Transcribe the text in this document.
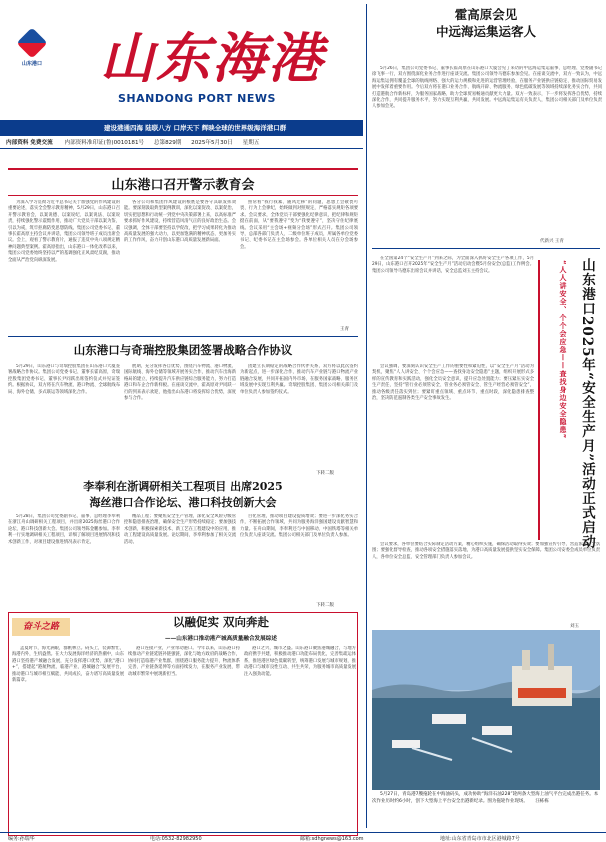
山东港口 山东海港
SHANDONG PORT NEWS
建设港通四海 陆联八方 口岸天下 辉映全球的世界级海洋港口群
内部资料 免费交流 内部资料准印证(鲁)0010181号 总第829期 2025年5月30日 星期五
霍高原会见
中远海运集运客人
5月26日，集团公司党委书记、董事长霍高原在山东港口大厦会见了来访的中远海运集运董事、总经理、党委副书记徐飞事一行，双方围绕深化业务合作进行座谈交流。集团公司领导马德东参加会见。在座谈交流中，双方一致认为，中远海运集运拥有覆盖全球的航线网络、强大的运力规模和先进的运营管理经验，在服务产业链供应链稳定、推动国际贸易发展中发挥着重要作用。今后双方将在港口业务合作、航线开辟、物流服务、绿色低碳发展等领域持续深化务实合作，共同打造港航合作新标杆，为服务国家战略、助力全球贸易畅通贡献更大力量。双方一致表示，下一步将发挥各自优势，持续深化合作，共同提升服务水平，努力实现互利共赢、共同发展。中远海运集运有关负责人，集团公司相关部门及单位负责人参加会见。
代新兴 王青
山东港口召开警示教育会
为深入学习贯彻习近平总书记关于加强党的作风建设的重要论述，落实全会警示教育精神，5月29日，山东港口召开警示教育会，以案说德、以案说纪、以案说法、以案说责，持续强化警示震慑作用，推动广大党员干部以案为鉴、引以为戒，筑牢拒腐防变思想防线。集团公司党委书记、董事长霍高原主持会议并讲话，集团公司领导班子成员出席会议。会上，观看了警示教育片，通报了违反中央八项规定精神问题典型案例。霍高原指出，山东港口一体化改革以来，集团公司党委始终坚持以严的基调强化正风肃纪反腐，推动全面从严治党向纵深发展。
各分公司和集团作风建设的根底是要各守其职发挥效能。要深刻汲取典型案例教训，深化以案促改、以案促治，切实把思想和行动统一到党中央决策部署上来，以高标准严要求抓好作风建设，持续营造风清气正的良好政治生态。会议强调，全体干部要坚持以学促改，把学习成果转化为推动高质量发展的强大动力，以更加饱满的精神状态、更加务实的工作作风，奋力开创山东港口高质量发展新局面。
照常看“我行我素、随风迁移”的问题，思想上会敬畏可畏、行为上会律纪，始终做到对照规定，严格落实规矩各项要求。会议要求，全体党员干部要强化纪律意识，把纪律和规矩挺在前面，从“要我遵守”变为“我要遵守”，坚决守住纪律底线。会议采用“主会场+视频分会场”形式召开。集团公司领导，总部各部门负责人、二级单位班子成员，所属各单位党委书记、纪委书记在主会场参会。各单位相关人员在分会场参会。
王青
山东港口与奇瑞控股集团签署战略合作协议
5月29日，山东港口与奇瑞控股集团在山东港口大厦签署战略合作协议。集团公司党委书记、董事长霍高原，奇瑞控股集团党委书记、董事长尹同跃出席签约仪式并见证签约。根据协议，双方将在汽车物流、港口物流、全球航线布局、海外仓储、多式联运等领域深化合作。
展期，充分发挥各自优势，围绕汽车物流、港口物流、国际航线、海外仓储等领域开展务实合作，推动汽车出海新格局的建立，持续提升汽车供应链综合服务能力，努力打造港口和车企合作新样板。在座谈交流中，霍高原对尹同跃一行的到来表示欢迎，他指出山东港口将发挥综合优势，深度参与合作。
团建立长期稳定的战略合作伙伴关系，双方将以此次签约为新起点，进一步深化合作，推动汽车产业链与港口物流产业链融合发展，共同开拓国内外市场，在服务国家战略、服务区域发展中实现互利共赢。奇瑞控股集团、集团公司相关部门及单位负责人参加签约仪式。
下转二版
李奉利在浙调研相关工程项目 出席2025
海丝港口合作论坛、港口科技创新大会
5月28日，集团公司党委副书记、董事、总经理李奉利在浙江舟山调研相关工程项目，并出席2025海丝港口合作论坛、港口科技创新大会。集团公司领导陈金鹏参加。李奉利一行实地调研相关工程项目，详细了解项目进展情况和技术创新工作，对项目建设推进情况表示肯定。
精品工程；要聚焦安全生产管理，深化安全风险分级管控和隐患排查治理，确保安全生产形势持续稳定；要加强技术创新，积极探索新技术、新工艺在工程建设中的应用，推动工程建设高质量发展。论坛期间，李奉利参加了相关交流活动。
目化管理，推动项目建设提质增效；要进一步深化务实合作，不断拓展合作领域，共同为服务海洋强国建设贡献智慧和力量。在舟山期间，李奉利还与中国移动、中国铁塔等相关单位负责人座谈交流。集团公司相关部门及单位负责人参加。
下转二版
奋斗之路	以融促实 双向奔赴
——山东港口推动港产城高质量融合发展综述
孟夏时节，海光满眼，群帆林立。码头上，装卸繁忙，海港内外，生机盎然。在大力发展海洋经济的热潮中，山东港口坚持港产城融合发展，充分发挥港口优势，深化“港口+”，搭建起“港航物流、临港产业、港城融合”发展平台，推动港口与城市相互赋能、共同成长，奋力谱写高质量发展新篇章。
港口连接产业，产业带动港口。今年以来，山东港口持续推动产业链延链补链强链，深化与地方政府的战略合作，协同打造临港产业集群，围绕港口服务能力提升、物流体系完善、产业链条延伸等方面持续发力，在服务产业发展、带动城市繁荣中展现新担当。
港口之兴，城市之盛。山东港口聚焦港城融合，与地方政府携手共建，积极推动港口功能布局优化，完善集疏运体系，推进港区绿色低碳转型，统筹港口发展与城市规划，推动港口与城市良性互动、共生共荣，为服务城市高质量发展注入强劲动能。
山东港口2025年“安全生产月”活动正式启动
“人人讲安全、个个会应急——查找身边安全隐患”
在全国第24个“安全生产月”到来之际，为全面深入抓好安全生产各项工作，5月29日，山东港口召开2025年“安全生产月”活动启动会暨5月份安全(总监)工作例会。集团公司领导马德东出席会议并讲话，安全总监刘玉主持会议。
会议强调，要深刻认识安全生产工作的重要性和紧迫性，以“安全生产月”活动为契机，聚焦“人人讲安全、个个会应急——查找身边安全隐患”主题，组织开展形式多样的宣传教育和实践活动，强化全员安全意识，提升应急处置能力；要压紧压实安全生产责任，坚持“管行业必须管安全、管业务必须管安全、管生产经营必须管安全”，推动各级责任落实到位；要紧盯重点领域、重点环节、重点时段，深化隐患排查整治，坚决防范遏制各类生产安全事故发生。
会议要求，各单位要结合实际制定活动方案，精心组织实施，确保活动取得实效；要加强宣传引导，营造浓厚安全氛围；要强化督导检查，推动各项安全措施落实落地，为港口高质量发展提供坚实安全保障。集团公司安委会成员单位负责人，各单位安全总监、安全管理部门负责人参加会议。
刘玉
5月27日，青岛港7艘拖轮在中海油码头，成功协助“海洋石油228”轮两条大型海上油气平台完成出港任务。本次作业历时约6小时，创下大型海上平台安全出港新纪录。图为拖轮作业现场。 汪栋栋
编务:孙瑞华	电话:0532-82982950	邮箱:sdhgnews@163.com	地址:山东省青岛市市北区港城路7号
